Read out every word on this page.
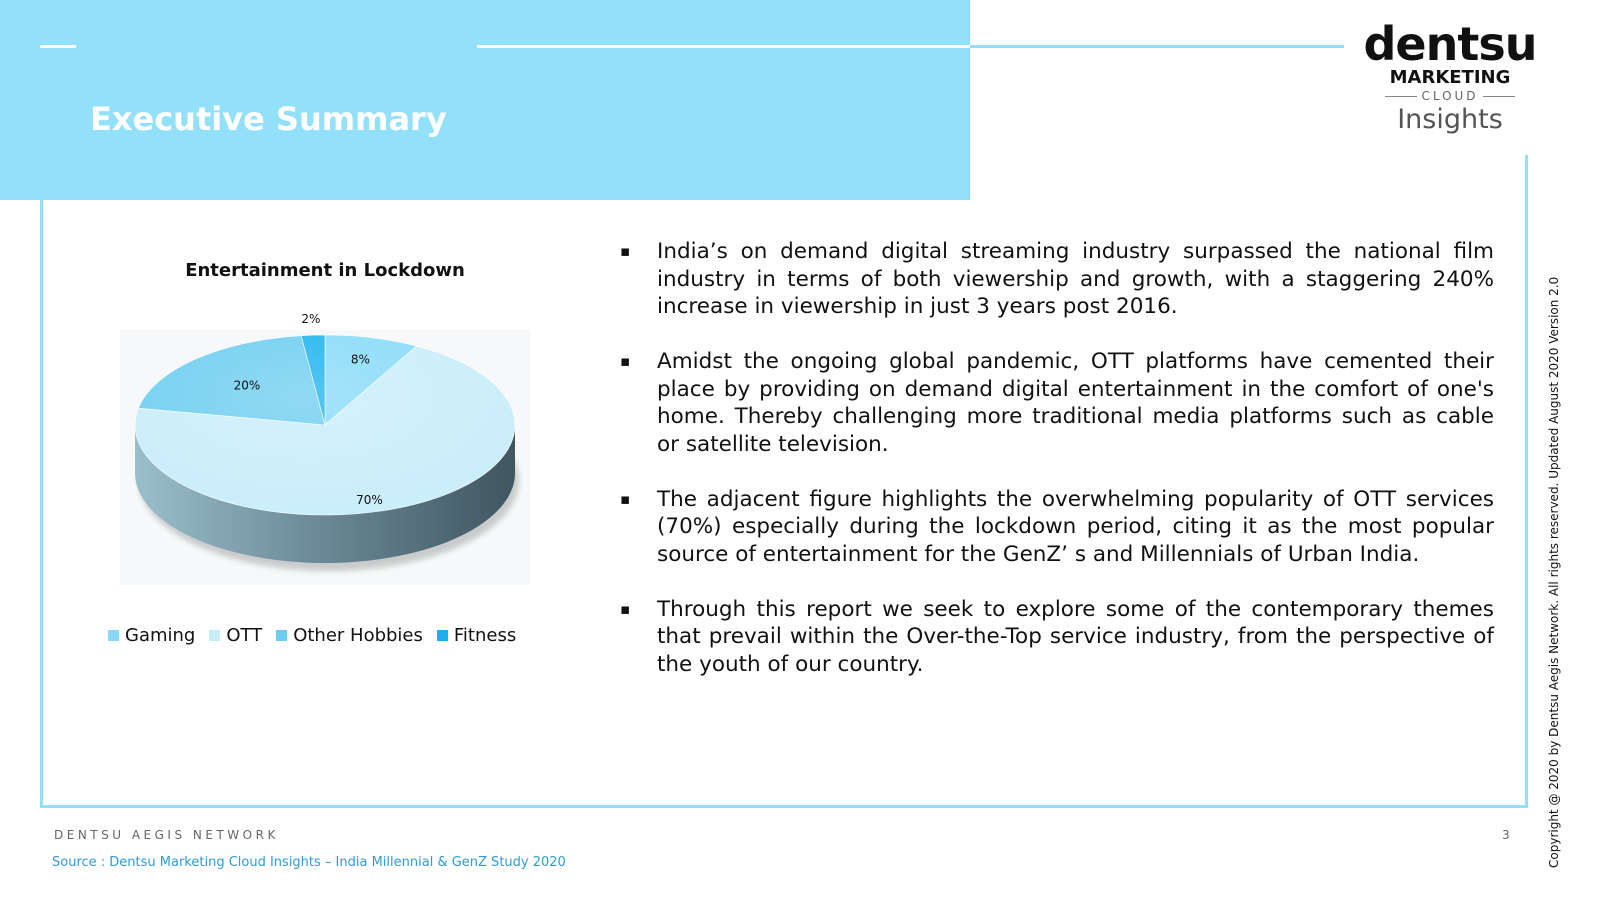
Executive Summary
dentsu
MARKETING
CLOUD
Insights
Entertainment in Lockdown
8%
70%
20%
2%
Gaming OTT Other Hobbies Fitness
▪ India’s on demand digital streaming industry surpassed the national film industry in terms of both viewership and growth, with a staggering 240% increase in viewership in just 3 years post 2016.
▪ Amidst the ongoing global pandemic, OTT platforms have cemented their place by providing on demand digital entertainment in the comfort of one's home. Thereby challenging more traditional media platforms such as cable or satellite television.
▪ The adjacent figure highlights the overwhelming popularity of OTT services (70%) especially during the lockdown period, citing it as the most popular source of entertainment for the GenZ’ s and Millennials of Urban India.
▪ Through this report we seek to explore some of the contemporary themes that prevail within the Over-the-Top service industry, from the perspective of the youth of our country.
DENTSU AEGIS NETWORK	3
Source : Dentsu Marketing Cloud Insights – India Millennial & GenZ Study 2020	Copyright @ 2020 by Dentsu Aegis Network. All rights reserved. Updated August 2020 Version 2.0
